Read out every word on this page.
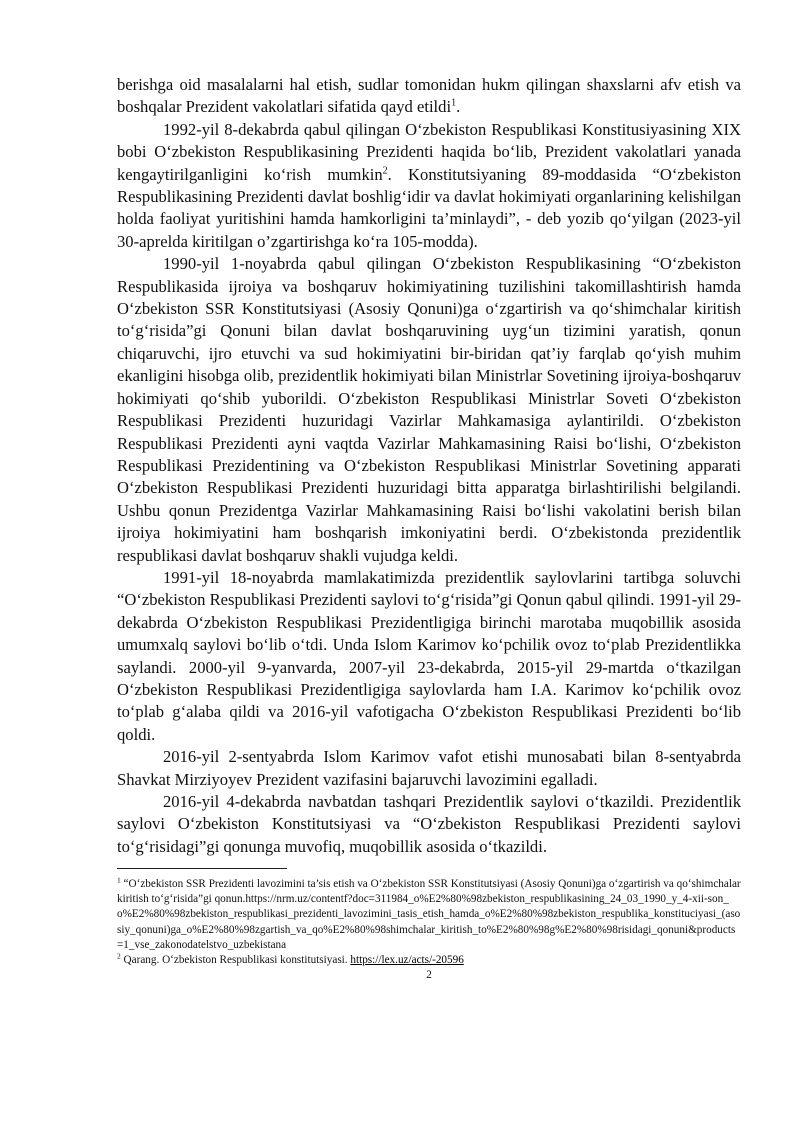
berishga oid masalalarni hal etish, sudlar tomonidan hukm qilingan shaxslarni afv etish va boshqalar Prezident vakolatlari sifatida qayd etildi$^1$.

1992-yil 8-dekabrda qabul qilingan O‘zbekiston Respublikasi Konstitusiyasining XIX bobi O‘zbekiston Respublikasining Prezidenti haqida bo‘lib, Prezident vakolatlari yanada kengaytirilganligini ko‘rish mumkin$^2$. Konstitutsiyaning 89-moddasida “O‘zbekiston Respublikasining Prezidenti davlat boshlig‘idir va davlat hokimiyati organlarining kelishilgan holda faoliyat yuritishini hamda hamkorligini ta’minlaydi”, - deb yozib qo‘yilgan (2023-yil 30-aprelda kiritilgan o’zgartirishga ko‘ra 105-modda).

1990-yil 1-noyabrda qabul qilingan O‘zbekiston Respublikasining “O‘zbekiston Respublikasida ijroiya va boshqaruv hokimiyatining tuzilishini takomillashtirish hamda O‘zbekiston SSR Konstitutsiyasi (Asosiy Qonuni)ga o‘zgartirish va qo‘shimchalar kiritish to‘g‘risida”gi Qonuni bilan davlat boshqaruvining uyg‘un tizimini yaratish, qonun chiqaruvchi, ijro etuvchi va sud hokimiyatini bir-biridan qat’iy farqlab qo‘yish muhim ekanligini hisobga olib, prezidentlik hokimiyati bilan Ministrlar Sovetining ijroiya-boshqaruv hokimiyati qo‘shib yuborildi. O‘zbekiston Respublikasi Ministrlar Soveti O‘zbekiston Respublikasi Prezidenti huzuridagi Vazirlar Mahkamasiga aylantirildi. O‘zbekiston Respublikasi Prezidenti ayni vaqtda Vazirlar Mahkamasining Raisi bo‘lishi, O‘zbekiston Respublikasi Prezidentining va O‘zbekiston Respublikasi Ministrlar Sovetining apparati O‘zbekiston Respublikasi Prezidenti huzuridagi bitta apparatga birlashtirilishi belgilandi. Ushbu qonun Prezidentga Vazirlar Mahkamasining Raisi bo‘lishi vakolatini berish bilan ijroiya hokimiyatini ham boshqarish imkoniyatini berdi. O‘zbekistonda prezidentlik respublikasi davlat boshqaruv shakli vujudga keldi.

1991-yil 18-noyabrda mamlakatimizda prezidentlik saylovlarini tartibga soluvchi “O‘zbekiston Respublikasi Prezidenti saylovi to‘g‘risida”gi Qonun qabul qilindi. 1991-yil 29-dekabrda O‘zbekiston Respublikasi Prezidentligiga birinchi marotaba muqobillik asosida umumxalq saylovi bo‘lib o‘tdi. Unda Islom Karimov ko‘pchilik ovoz to‘plab Prezidentlikka saylandi. 2000-yil 9-yanvarda, 2007-yil 23-dekabrda, 2015-yil 29-martda o‘tkazilgan O‘zbekiston Respublikasi Prezidentligiga saylovlarda ham I.A. Karimov ko‘pchilik ovoz to‘plab g‘alaba qildi va 2016-yil vafotigacha O‘zbekiston Respublikasi Prezidenti bo‘lib qoldi.

2016-yil 2-sentyabrda Islom Karimov vafot etishi munosabati bilan 8-sentyabrda Shavkat Mirziyoyev Prezident vazifasini bajaruvchi lavozimini egalladi.

2016-yil 4-dekabrda navbatdan tashqari Prezidentlik saylovi o‘tkazildi. Prezidentlik saylovi O‘zbekiston Konstitutsiyasi va “O‘zbekiston Respublikasi Prezidenti saylovi to‘g‘risidagi”gi qonunga muvofiq, muqobillik asosida o‘tkazildi.

$^1$ “O‘zbekiston SSR Prezidenti lavozimini ta’sis etish va O‘zbekiston SSR Konstitutsiyasi (Asosiy Qonuni)ga o‘zgartirish va qo‘shimchalar kiritish to‘g‘risida”gi qonun.https://nrm.uz/contentf?doc=311984_o%E2%80%98zbekiston_respublikasining_24_03_1990_y_4-xii-son_o%E2%80%98zbekiston_respublikasi_prezidenti_lavozimini_tasis_etish_hamda_o%E2%80%98zbekiston_respublika_konstituciyasi_(asosiy_qonuni)ga_o%E2%80%98zgartish_va_qo%E2%80%98shimchalar_kiritish_to%E2%80%98g%E2%80%98risidagi_qonuni&products=1_vse_zakonodatelstvo_uzbekistana

$^2$ Qarang. O‘zbekiston Respublikasi konstitutsiyasi. https://lex.uz/acts/-20596

2
